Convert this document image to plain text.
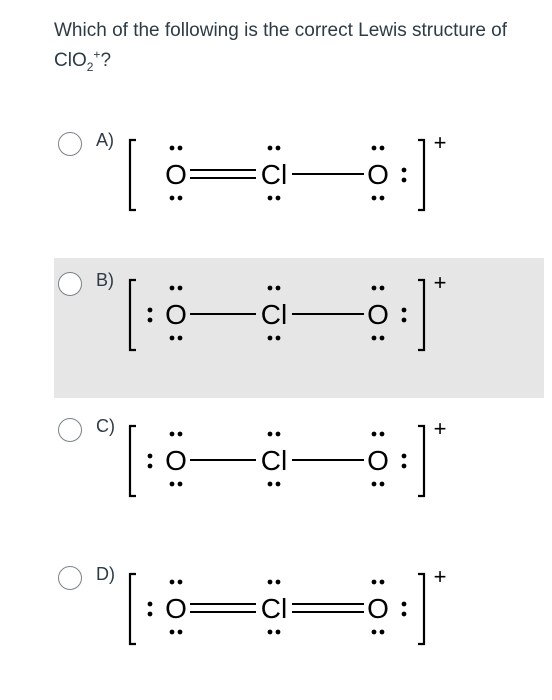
Which of the following is the correct Lewis structure of ClO$_2$+?
A)	+
O	Cl	O
B)	+
O	Cl	O
C)	+
O	Cl	O
D)	+
O	Cl	O
